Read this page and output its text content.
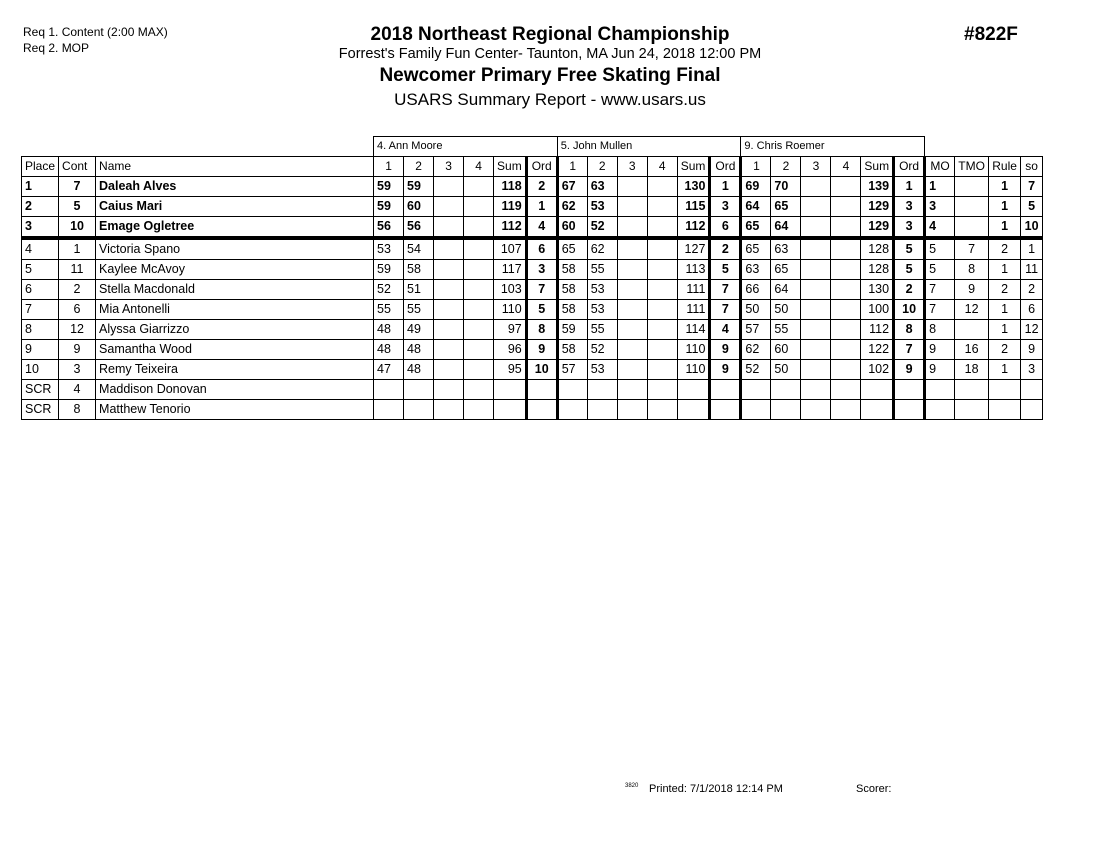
Req 1. Content (2:00 MAX)
Req 2. MOP
2018 Northeast Regional Championship
Forrest's Family Fun Center- Taunton, MA Jun 24, 2018 12:00 PM
Newcomer Primary Free Skating Final
USARS Summary Report - www.usars.us
#822F
			4. Ann Moore						5. John Mullen						9. Chris Roemer									
Place	Cont	Name	1	2	3	4	Sum	Ord	1	2	3	4	Sum	Ord	1	2	3	4	Sum	Ord	MO	TMO	Rule	so
1	7	Daleah Alves	59	59			118	2	67	63			130	1	69	70			139	1	1		1	7
2	5	Caius Mari	59	60			119	1	62	53			115	3	64	65			129	3	3		1	5
3	10	Emage Ogletree	56	56			112	4	60	52			112	6	65	64			129	3	4		1	10
4	1	Victoria Spano	53	54			107	6	65	62			127	2	65	63			128	5	5	7	2	1
5	11	Kaylee McAvoy	59	58			117	3	58	55			113	5	63	65			128	5	5	8	1	11
6	2	Stella Macdonald	52	51			103	7	58	53			111	7	66	64			130	2	7	9	2	2
7	6	Mia Antonelli	55	55			110	5	58	53			111	7	50	50			100	10	7	12	1	6
8	12	Alyssa Giarrizzo	48	49			97	8	59	55			114	4	57	55			112	8	8		1	12
9	9	Samantha Wood	48	48			96	9	58	52			110	9	62	60			122	7	9	16	2	9
10	3	Remy Teixeira	47	48			95	10	57	53			110	9	52	50			102	9	9	18	1	3
SCR	4	Maddison Donovan																						
SCR	8	Matthew Tenorio																						
3820 Printed: 7/1/2018 12:14 PM	Scorer:
